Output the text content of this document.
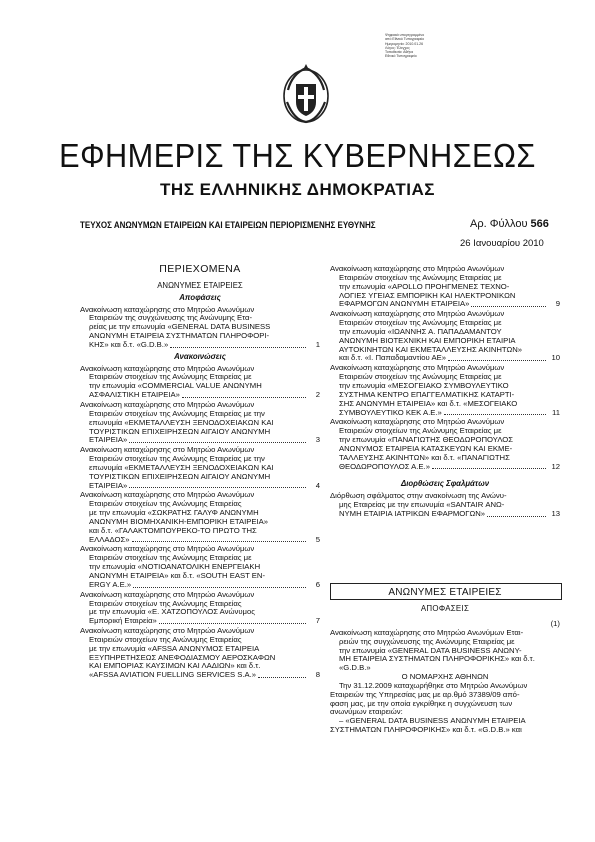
Ψηφιακά υπογεγραμμένο
από Εθνικό Τυπογραφείο
Ημερομηνία: 2010.01.26
Λόγος: Έλεγχος
Τοποθεσία: Αθήνα
Εθνικό Τυπογραφείο
ΕΦΗΜΕΡΙΣ ΤΗΣ ΚΥΒΕΡΝΗΣΕΩΣ
ΤΗΣ ΕΛΛΗΝΙΚΗΣ ΔΗΜΟΚΡΑΤΙΑΣ
ΤΕΥΧΟΣ ΑΝΩΝΥΜΩΝ ΕΤΑΙΡΕΙΩΝ ΚΑΙ ΕΤΑΙΡΕΙΩΝ ΠΕΡΙΟΡΙΣΜΕΝΗΣ ΕΥΘΥΝΗΣ	Αρ. Φύλλου 566
26 Ιανουαρίου 2010
ΠΕΡΙΕΧΟΜΕΝΑ
ΑΝΩΝΥΜΕΣ ΕΤΑΙΡΕΙΕΣ
Αποφάσεις
Ανακοίνωση καταχώρησης στο Μητρώο Ανωνύμων
Εταιρειών της συγχώνευσης της Ανώνυμης Ετα-
ρείας με την επωνυμία «GENERAL DATA BUSINESS
ΑΝΩΝΥΜΗ ΕΤΑΙΡΕΙΑ ΣΥΣΤΗΜΑΤΩΝ ΠΛΗΡΟΦΟΡΙ-
ΚΗΣ» και δ.τ. «G.D.B.»	1
Ανακοινώσεις
Ανακοίνωση καταχώρησης στο Μητρώο Ανωνύμων
Εταιρειών στοιχείων της Ανώνυμης Εταιρείας με
την επωνυμία «COMMERCIAL VALUE ΑΝΩΝΥΜΗ
ΑΣΦΑΛΙΣΤΙΚΗ ΕΤΑΙΡΕΙΑ»	2
Ανακοίνωση καταχώρησης στο Μητρώο Ανωνύμων
Εταιρειών στοιχείων της Ανώνυμης Εταιρείας με την
επωνυμία «ΕΚΜΕΤΑΛΛΕΥΣΗ ΞΕΝΟΔΟΧΕΙΑΚΩΝ ΚΑΙ
ΤΟΥΡΙΣΤΙΚΩΝ ΕΠΙΧΕΙΡΗΣΕΩΝ ΑΙΓΑΙΟΥ ΑΝΩΝΥΜΗ
ΕΤΑΙΡΕΙΑ»	3
Ανακοίνωση καταχώρησης στο Μητρώο Ανωνύμων
Εταιρειών στοιχείων της Ανώνυμης Εταιρείας με την
επωνυμία «ΕΚΜΕΤΑΛΛΕΥΣΗ ΞΕΝΟΔΟΧΕΙΑΚΩΝ ΚΑΙ
ΤΟΥΡΙΣΤΙΚΩΝ ΕΠΙΧΕΙΡΗΣΕΩΝ ΑΙΓΑΙΟΥ ΑΝΩΝΥΜΗ
ΕΤΑΙΡΕΙΑ»	4
Ανακοίνωση καταχώρησης στο Μητρώο Ανωνύμων
Εταιρειών στοιχείων της Ανώνυμης Εταιρείας
με την επωνυμία «ΣΩΚΡΑΤΗΣ ΓΑΛΥΦ ΑΝΩΝΥΜΗ
ΑΝΩΝΥΜΗ ΒΙΟΜΗΧΑΝΙΚΗ-ΕΜΠΟΡΙΚΗ ΕΤΑΙΡΕΙΑ»
και δ.τ. «ΓΑΛΑΚΤΟΜΠΟΥΡΕΚΟ-ΤΟ ΠΡΩΤΟ ΤΗΣ
ΕΛΛΑΔΟΣ»	5
Ανακοίνωση καταχώρησης στο Μητρώο Ανωνύμων
Εταιρειών στοιχείων της Ανώνυμης Εταιρείας με
την επωνυμία «ΝΟΤΙΟΑΝΑΤΟΛΙΚΗ ΕΝΕΡΓΕΙΑΚΗ
ΑΝΩΝΥΜΗ ΕΤΑΙΡΕΙΑ» και δ.τ. «SOUTH EAST EN-
ERGY A.E.»	6
Ανακοίνωση καταχώρησης στο Μητρώο Ανωνύμων
Εταιρειών στοιχείων της Ανώνυμης Εταιρείας
με την επωνυμία «Ε. ΧΑΤΖΟΠΟΥΛΟΣ Ανώνυμος
Εμπορική Εταιρεία»	7
Ανακοίνωση καταχώρησης στο Μητρώο Ανωνύμων
Εταιρειών στοιχείων της Ανώνυμης Εταιρείας
με την επωνυμία «AFSSA ΑΝΩΝΥΜΟΣ ΕΤΑΙΡΕΙΑ
ΕΞΥΠΗΡΕΤΗΣΕΩΣ ΑΝΕΦΟΔΙΑΣΜΟΥ ΑΕΡΟΣΚΑΦΩΝ
ΚΑΙ ΕΜΠΟΡΙΑΣ ΚΑΥΣΙΜΩΝ ΚΑΙ ΛΑΔΙΩΝ» και δ.τ.
«AFSSA AVIATION FUELLING SERVICES S.A.»	8
Ανακοίνωση καταχώρησης στο Μητρώο Ανωνύμων
Εταιρειών στοιχείων της Ανώνυμης Εταιρείας με
την επωνυμία «APOLLO ΠΡΟΗΓΜΕΝΕΣ ΤΕΧΝΟ-
ΛΟΓΙΕΣ ΥΓΕΙΑΣ ΕΜΠΟΡΙΚΗ ΚΑΙ ΗΛΕΚΤΡΟΝΙΚΩΝ
ΕΦΑΡΜΟΓΩΝ ΑΝΩΝΥΜΗ ΕΤΑΙΡΕΙΑ»	9
Ανακοίνωση καταχώρησης στο Μητρώο Ανωνύμων
Εταιρειών στοιχείων της Ανώνυμης Εταιρείας με
την επωνυμία «ΙΩΑΝΝΗΣ Α. ΠΑΠΑΔΑΜΑΝΤΟΥ
ΑΝΩΝΥΜΗ ΒΙΟΤΕΧΝΙΚΗ ΚΑΙ ΕΜΠΟΡΙΚΗ ΕΤΑΙΡΙΑ
ΑΥΤΟΚΙΝΗΤΩΝ ΚΑΙ ΕΚΜΕΤΑΛΛΕΥΣΗΣ ΑΚΙΝΗΤΩΝ»
και δ.τ. «Ι. Παπαδαμαντίου ΑΕ»	10
Ανακοίνωση καταχώρησης στο Μητρώο Ανωνύμων
Εταιρειών στοιχείων της Ανώνυμης Εταιρείας με
την επωνυμία «ΜΕΣΟΓΕΙΑΚΟ ΣΥΜΒΟΥΛΕΥΤΙΚΟ
ΣΥΣΤΗΜΑ ΚΕΝΤΡΟ ΕΠΑΓΓΕΛΜΑΤΙΚΗΣ ΚΑΤΑΡΤΙ-
ΣΗΣ ΑΝΩΝΥΜΗ ΕΤΑΙΡΕΙΑ» και δ.τ. «ΜΕΣΟΓΕΙΑΚΟ
ΣΥΜΒΟΥΛΕΥΤΙΚΟ ΚΕΚ Α.Ε.»	11
Ανακοίνωση καταχώρησης στο Μητρώο Ανωνύμων
Εταιρειών στοιχείων της Ανώνυμης Εταιρείας με
την επωνυμία «ΠΑΝΑΓΙΩΤΗΣ ΘΕΟΔΩΡΟΠΟΥΛΟΣ
ΑΝΩΝΥΜΟΣ ΕΤΑΙΡΕΙΑ ΚΑΤΑΣΚΕΥΩΝ ΚΑΙ ΕΚΜΕ-
ΤΑΛΛΕΥΣΗΣ ΑΚΙΝΗΤΩΝ» και δ.τ. «ΠΑΝΑΓΙΩΤΗΣ
ΘΕΟΔΩΡΟΠΟΥΛΟΣ Α.Ε.»	12
Διορθώσεις Σφαλμάτων
Διόρθωση σφάλματος στην ανακοίνωση της Ανώνυ-
μης Εταιρείας με την επωνυμία «SANTAIR ΑΝΩ-
ΝΥΜΗ ΕΤΑΙΡΙΑ ΙΑΤΡΙΚΩΝ ΕΦΑΡΜΟΓΩΝ»	13
ΑΝΩΝΥΜΕΣ ΕΤΑΙΡΕΙΕΣ
ΑΠΟΦΑΣΕΙΣ

(1)

Ανακοίνωση καταχώρησης στο Μητρώο Ανωνύμων Εται-

ρειών της συγχώνευσης της Ανώνυμης Εταιρείας με

την επωνυμία «GENERAL DATA BUSINESS ΑΝΩΝΥ-

ΜΗ ΕΤΑΙΡΕΙΑ ΣΥΣΤΗΜΑΤΩΝ ΠΛΗΡΟΦΟΡΙΚΗΣ» και δ.τ.

«G.D.B.»

Ο ΝΟΜΑΡΧΗΣ ΑΘΗΝΩΝ

Την 31.12.2009 καταχωρήθηκε στο Μητρώο Ανωνύμων

Εταιρειών της Υπηρεσίας μας με αρ.θμό 37389/09 από-

φαση μας, με την οποία εγκρίθηκε η συγχώνευση των

ανωνύμων εταιρειών:

– «GENERAL DATA BUSINESS ΑΝΩΝΥΜΗ ΕΤΑΙΡΕΙΑ

ΣΥΣΤΗΜΑΤΩΝ ΠΛΗΡΟΦΟΡΙΚΗΣ» και δ.τ. «G.D.B.» και
